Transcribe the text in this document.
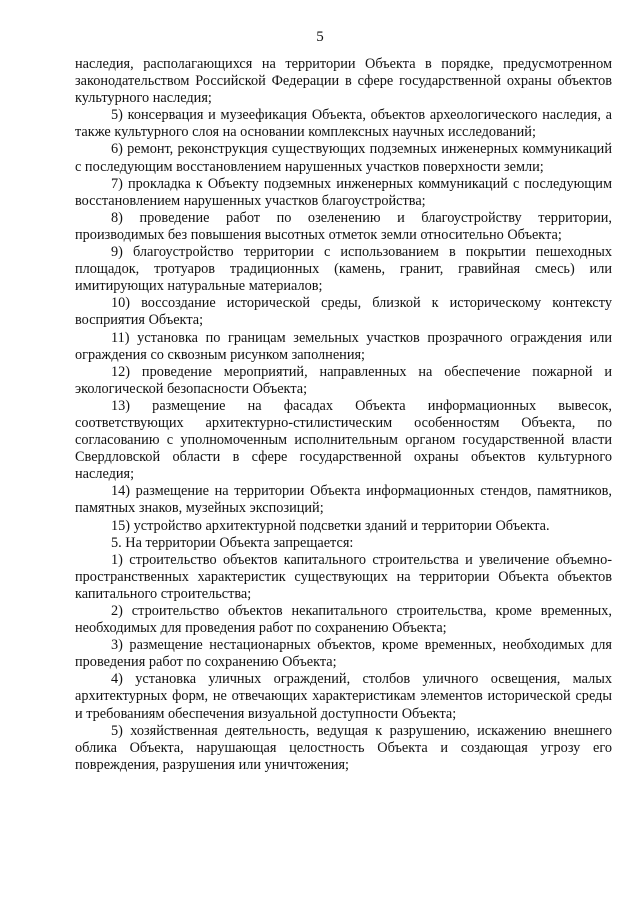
5

наследия, располагающихся на территории Объекта в порядке, предусмотренном законодательством Российской Федерации в сфере государственной охраны объектов культурного наследия;

5) консервация и музеефикация Объекта, объектов археологического наследия, а также культурного слоя на основании комплексных научных исследований;

6) ремонт, реконструкция существующих подземных инженерных коммуникаций с последующим восстановлением нарушенных участков поверхности земли;

7) прокладка к Объекту подземных инженерных коммуникаций с последующим восстановлением нарушенных участков благоустройства;

8) проведение работ по озеленению и благоустройству территории, производимых без повышения высотных отметок земли относительно Объекта;

9) благоустройство территории с использованием в покрытии пешеходных площадок, тротуаров традиционных (камень, гранит, гравийная смесь) или имитирующих натуральные материалов;

10) воссоздание исторической среды, близкой к историческому контексту восприятия Объекта;

11) установка по границам земельных участков прозрачного ограждения или ограждения со сквозным рисунком заполнения;

12) проведение мероприятий, направленных на обеспечение пожарной и экологической безопасности Объекта;

13) размещение на фасадах Объекта информационных вывесок, соответствующих архитектурно-стилистическим особенностям Объекта, по согласованию с уполномоченным исполнительным органом государственной власти Свердловской области в сфере государственной охраны объектов культурного наследия;

14) размещение на территории Объекта информационных стендов, памятников, памятных знаков, музейных экспозиций;

15) устройство архитектурной подсветки зданий и территории Объекта.

5. На территории Объекта запрещается:

1) строительство объектов капитального строительства и увеличение объемно-пространственных характеристик существующих на территории Объекта объектов капитального строительства;

2) строительство объектов некапитального строительства, кроме временных, необходимых для проведения работ по сохранению Объекта;

3) размещение нестационарных объектов, кроме временных, необходимых для проведения работ по сохранению Объекта;

4) установка уличных ограждений, столбов уличного освещения, малых архитектурных форм, не отвечающих характеристикам элементов исторической среды и требованиям обеспечения визуальной доступности Объекта;

5) хозяйственная деятельность, ведущая к разрушению, искажению внешнего облика Объекта, нарушающая целостность Объекта и создающая угрозу его повреждения, разрушения или уничтожения;
